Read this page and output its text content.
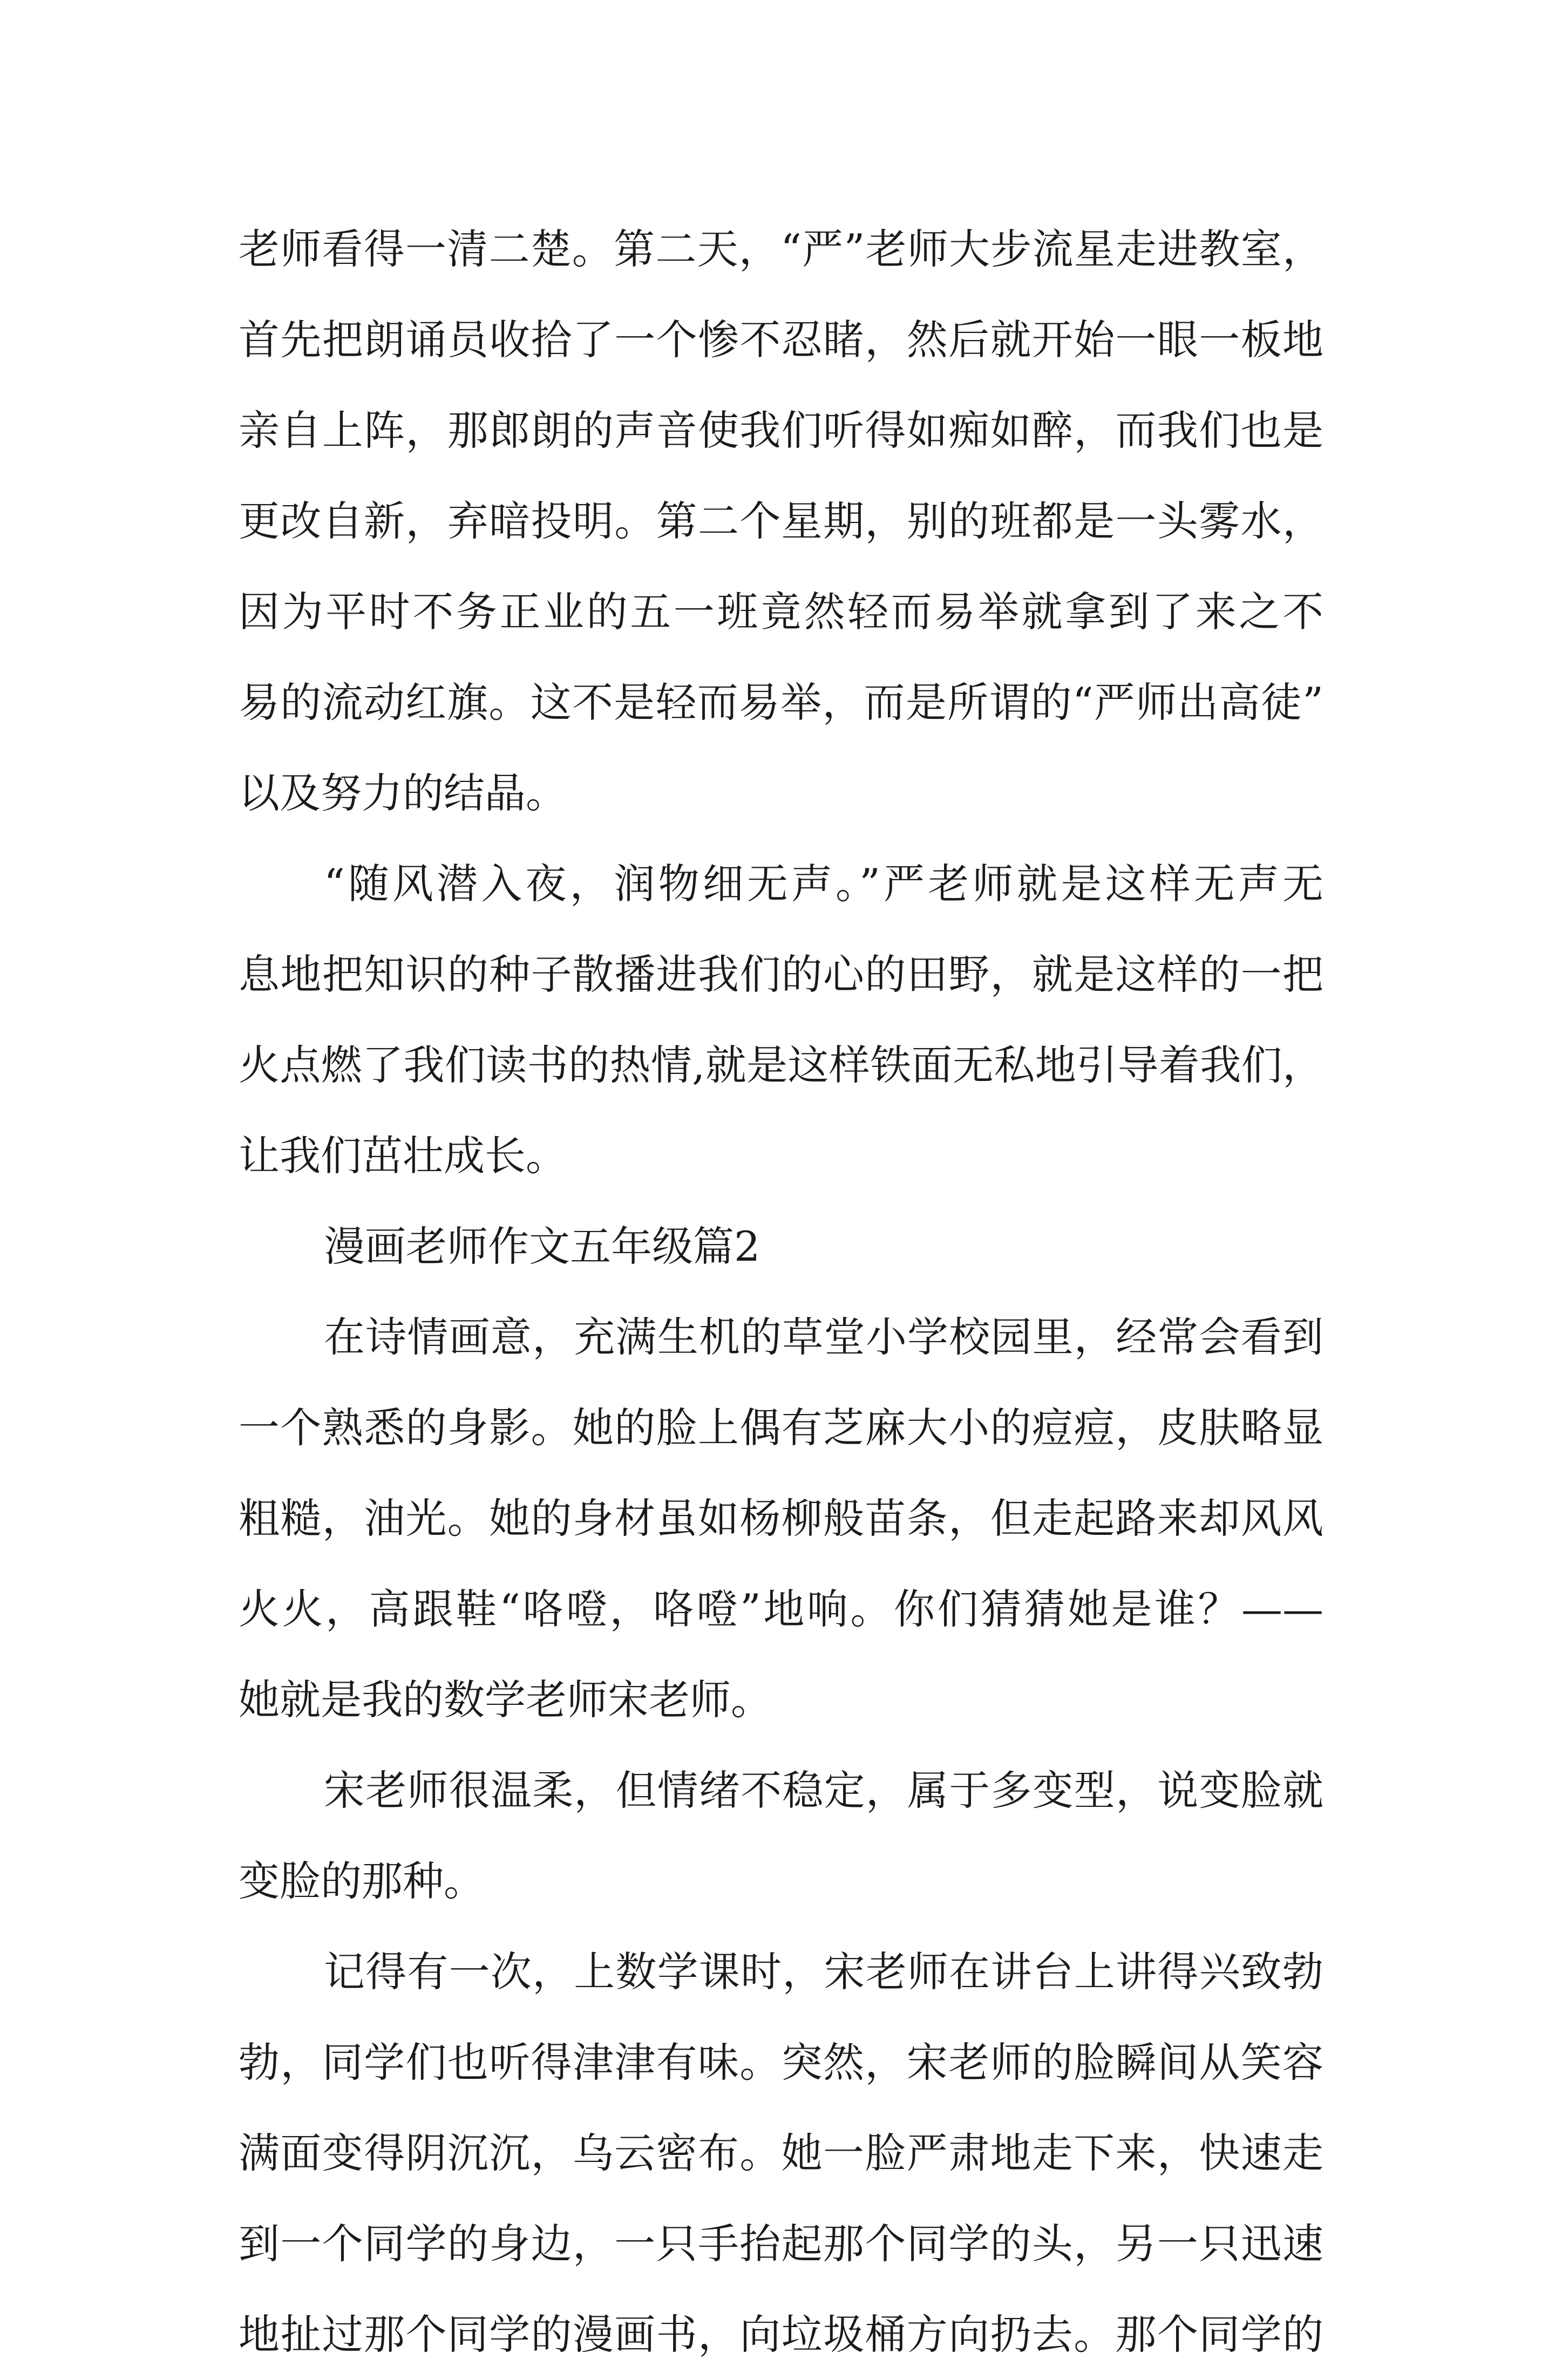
老师看得一清二楚。第二天，“严”老师大步流星走进教室，
首先把朗诵员收拾了一个惨不忍睹，然后就开始一眼一板地
亲自上阵，那郎朗的声音使我们听得如痴如醉，而我们也是
更改自新，弃暗投明。第二个星期，别的班都是一头雾水，
因为平时不务正业的五一班竟然轻而易举就拿到了来之不
易的流动红旗。这不是轻而易举，而是所谓的“严师出高徒”
以及努力的结晶。
“随风潜入夜，润物细无声。”严老师就是这样无声无
息地把知识的种子散播进我们的心的田野，就是这样的一把
火点燃了我们读书的热情,就是这样铁面无私地引导着我们，
让我们茁壮成长。
漫画老师作文五年级篇2
在诗情画意，充满生机的草堂小学校园里，经常会看到
一个熟悉的身影。她的脸上偶有芝麻大小的痘痘，皮肤略显
粗糙，油光。她的身材虽如杨柳般苗条，但走起路来却风风
火火，高跟鞋“咯噔，咯噔”地响。你们猜猜她是谁？——
她就是我的数学老师宋老师。
宋老师很温柔，但情绪不稳定，属于多变型，说变脸就
变脸的那种。
记得有一次，上数学课时，宋老师在讲台上讲得兴致勃
勃，同学们也听得津津有味。突然，宋老师的脸瞬间从笑容
满面变得阴沉沉，乌云密布。她一脸严肃地走下来，快速走
到一个同学的身边，一只手抬起那个同学的头，另一只迅速
地扯过那个同学的漫画书，向垃圾桶方向扔去。那个同学的
